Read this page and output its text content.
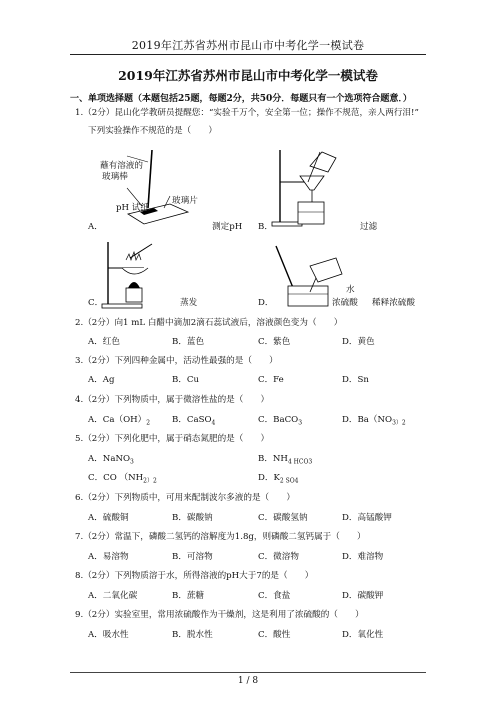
2019年江苏省苏州市昆山市中考化学一模试卷
2019年江苏省苏州市昆山市中考化学一模试卷
一、单项选择题（本题包括25题，每题2分，共50分．每题只有一个选项符合题意．）
1.（2分）昆山化学教研员提醒您：“实验千万个，安全第一位；操作不规范，亲人两行泪!”
下列实验操作不规范的是（　　）
蘸有溶液的
玻璃棒
pH 试纸
玻璃片
A．	测定pH B．	过滤
水
浓硫酸
C．	蒸发	D．	稀释浓硫酸
2.（2分）向1 mL 白醋中滴加2滴石蕊试液后，溶液颜色变为（　　）
A．红色	B．蓝色	C．紫色	D．黄色
3.（2分）下列四种金属中，活动性最强的是（　　）
A．Ag	B．Cu	C．Fe	D．Sn
4.（2分）下列物质中，属于微溶性盐的是（　　）
A．$Ca(OH)_2$	B．CaSO$_4$	C．BaCO$_3$	D．$Ba(NO_{3)2}$
5.（2分）下列化肥中，属于硝态氮肥的是（　　）
A．NaNO$_3$	B．$NH_{4 HCO3}$
C．CO （$NH_{2)2}$	D．$K_{2 SO4}$
6.（2分）下列物质中，可用来配制波尔多液的是（　　）
A．硫酸铜	B．碳酸钠	C．碳酸氢钠	D．高锰酸钾
7.（2分）常温下，磷酸二氢钙的溶解度为1.8g，则磷酸二氢钙属于（　　）
A．易溶物	B．可溶物	C．微溶物	D．难溶物
8.（2分）下列物质溶于水，所得溶液的pH大于7的是（　　）
A．二氧化碳	B．蔗糖	C．食盐	D．碳酸钾
9.（2分）实验室里，常用浓硫酸作为干燥剂，这是利用了浓硫酸的（　　）
A．吸水性	B．脱水性	C．酸性	D．氧化性
1 / 8
